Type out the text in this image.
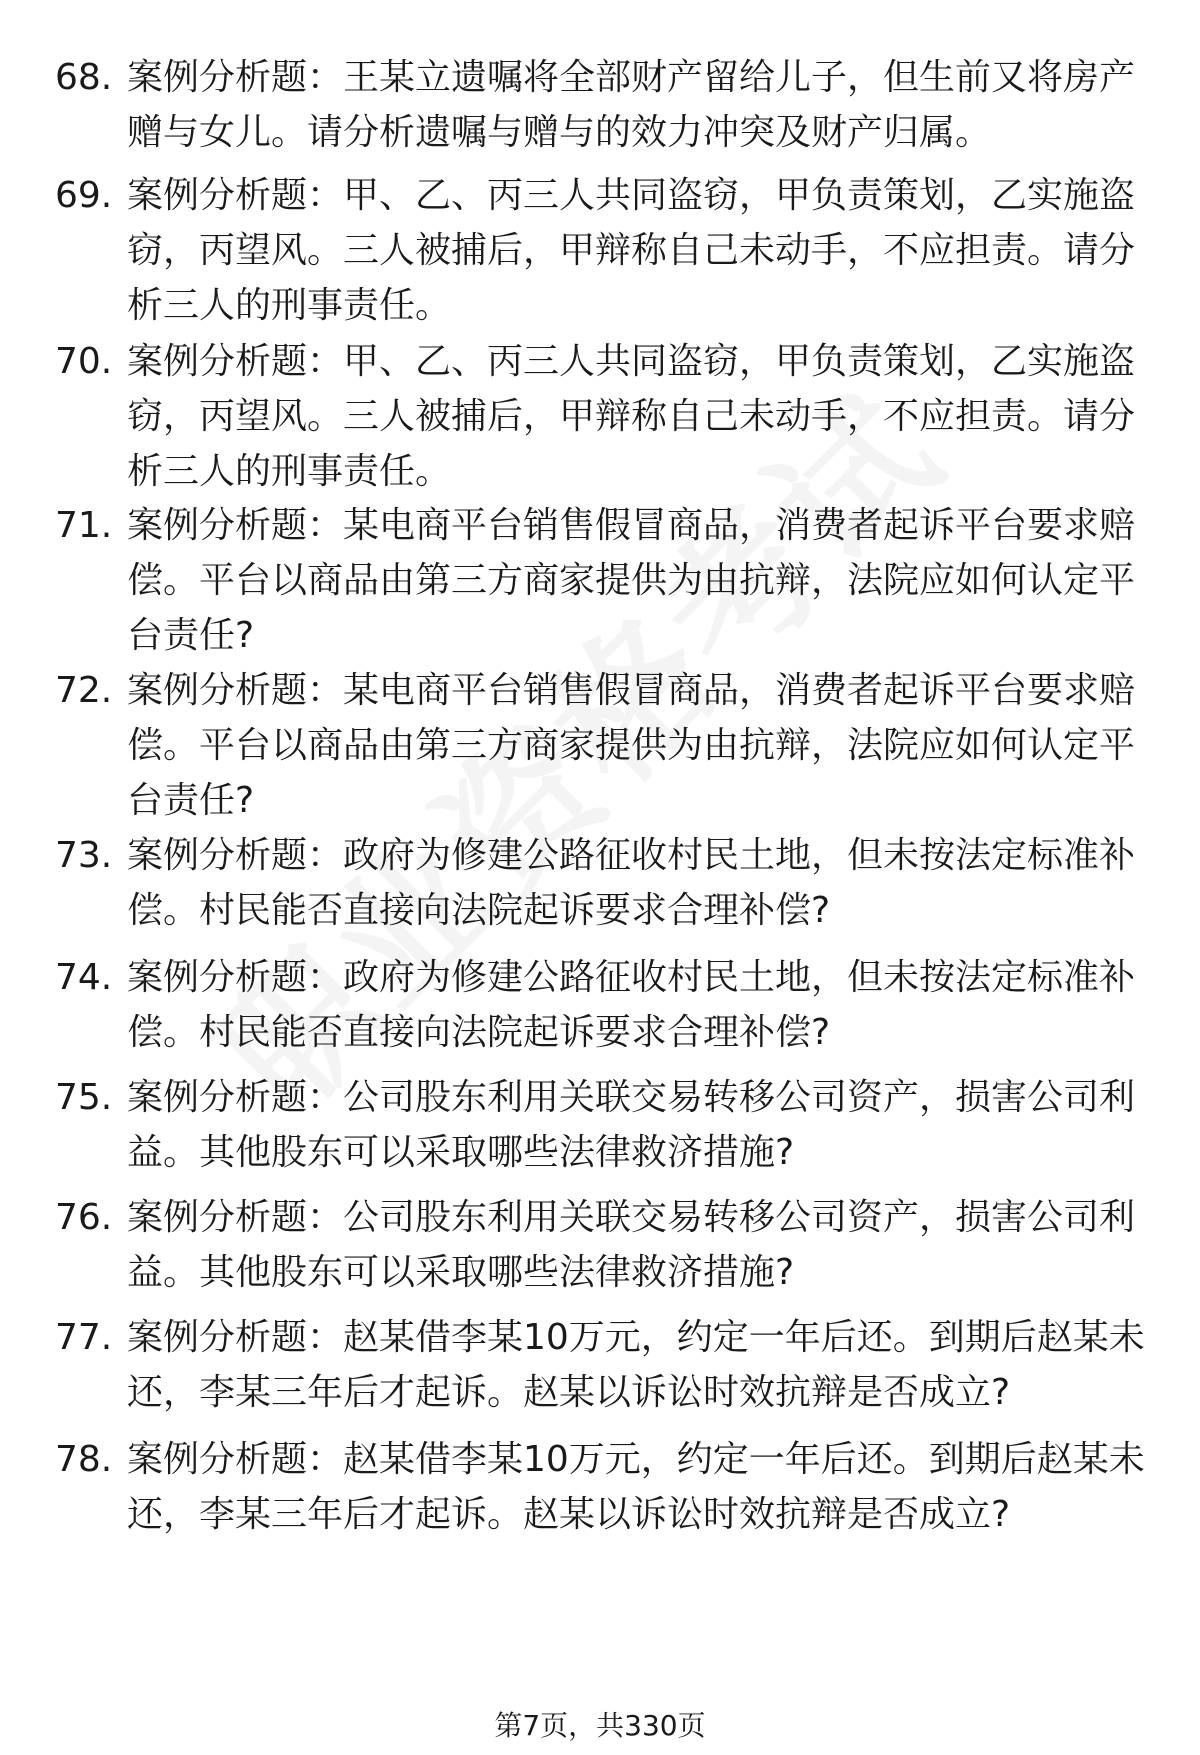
68. 案例分析题：王某立遗嘱将全部财产留给儿子，但生前又将房产赠与女儿。请分析遗嘱与赠与的效力冲突及财产归属。
69. 案例分析题：甲、乙、丙三人共同盗窃，甲负责策划，乙实施盗窃，丙望风。三人被捕后，甲辩称自己未动手，不应担责。请分析三人的刑事责任。
70. 案例分析题：甲、乙、丙三人共同盗窃，甲负责策划，乙实施盗窃，丙望风。三人被捕后，甲辩称自己未动手，不应担责。请分析三人的刑事责任。
71. 案例分析题：某电商平台销售假冒商品，消费者起诉平台要求赔偿。平台以商品由第三方商家提供为由抗辩，法院应如何认定平台责任?
72. 案例分析题：某电商平台销售假冒商品，消费者起诉平台要求赔偿。平台以商品由第三方商家提供为由抗辩，法院应如何认定平台责任?
73. 案例分析题：政府为修建公路征收村民土地，但未按法定标准补偿。村民能否直接向法院起诉要求合理补偿?
74. 案例分析题：政府为修建公路征收村民土地，但未按法定标准补偿。村民能否直接向法院起诉要求合理补偿?
75. 案例分析题：公司股东利用关联交易转移公司资产，损害公司利益。其他股东可以采取哪些法律救济措施?
76. 案例分析题：公司股东利用关联交易转移公司资产，损害公司利益。其他股东可以采取哪些法律救济措施?
77. 案例分析题：赵某借李某10万元，约定一年后还。到期后赵某未还，李某三年后才起诉。赵某以诉讼时效抗辩是否成立?
78. 案例分析题：赵某借李某10万元，约定一年后还。到期后赵某未还，李某三年后才起诉。赵某以诉讼时效抗辩是否成立?
第7页，共330页
